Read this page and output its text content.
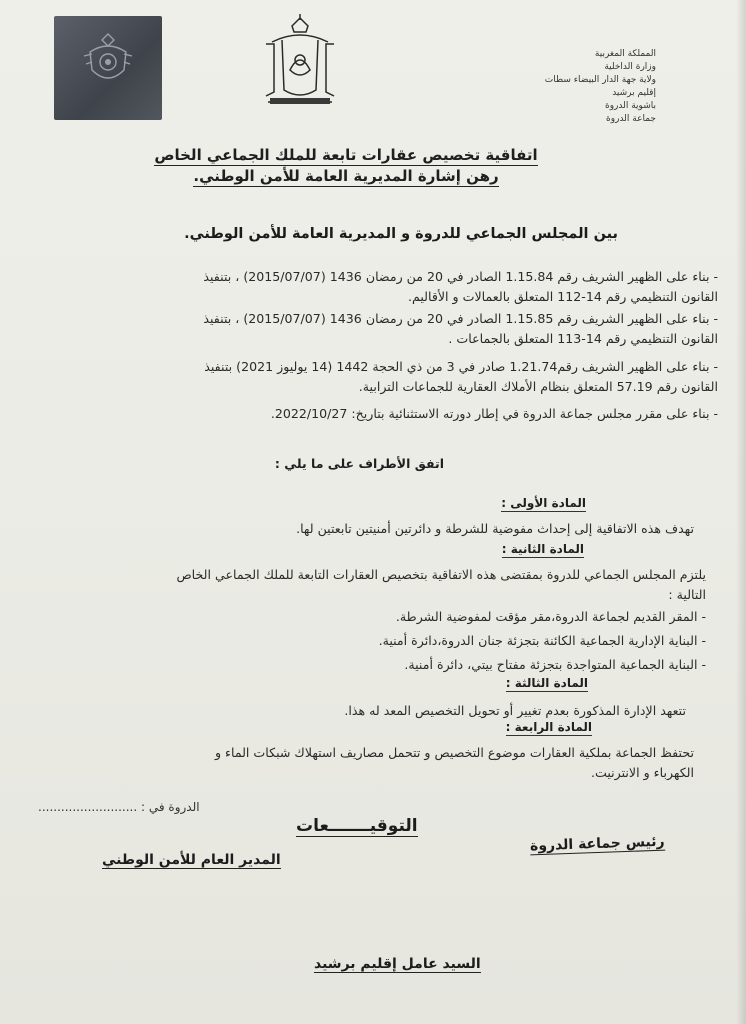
المملكة المغربية
وزارة الداخلية
ولاية جهة الدار البيضاء سطات
إقليم برشيد
باشوية الدروة
جماعة الدروة
اتفاقية تخصيص عقارات تابعة للملك الجماعي الخاص
رهن إشارة المديرية العامة للأمن الوطني.
بين المجلس الجماعي للدروة و المديرية العامة للأمن الوطني.
- بناء على الظهير الشريف رقم 1.15.84 الصادر في 20 من رمضان 1436 (2015/07/07) ، بتنفيذ
القانون التنظيمي رقم 14-112 المتعلق بالعمالات و الأقاليم.
- بناء على الظهير الشريف رقم 1.15.85 الصادر في 20 من رمضان 1436 (2015/07/07) ، بتنفيذ
القانون التنظيمي رقم 14-113 المتعلق بالجماعات .
- بناء على الظهير الشريف رقم1.21.74 صادر في 3 من ذي الحجة 1442 (14 يوليوز 2021) بتنفيذ
القانون رقم 57.19 المتعلق بنظام الأملاك العقارية للجماعات الترابية.
- بناء على مقرر مجلس جماعة الدروة في إطار دورته الاستثنائية بتاريخ: 2022/10/27.
اتفق الأطراف على ما يلي :
المادة الأولى :
تهدف هذه الاتفاقية إلى إحداث مفوضية للشرطة و دائرتين أمنيتين تابعتين لها.
المادة الثانية :
يلتزم المجلس الجماعي للدروة بمقتضى هذه الاتفاقية بتخصيص العقارات التابعة للملك الجماعي الخاص
التالية :
- المقر القديم لجماعة الدروة،مقر مؤقت لمفوضية الشرطة.
- البناية الإدارية الجماعية الكائنة بتجزئة جنان الدروة،دائرة أمنية.
- البناية الجماعية المتواجدة بتجزئة مفتاح بيتي، دائرة أمنية.
المادة الثالثة :
تتعهد الإدارة المذكورة بعدم تغيير أو تحويل التخصيص المعد له هذا.
المادة الرابعة :
تحتفظ الجماعة بملكية العقارات موضوع التخصيص و تتحمل مصاريف استهلاك شبكات الماء و
الكهرباء و الانترنيت.
الدروة في : ..........................
التوقيـــــــعات
المدير العام للأمن الوطني
رئيس جماعة الدروة
السيد عامل إقليم برشيد
